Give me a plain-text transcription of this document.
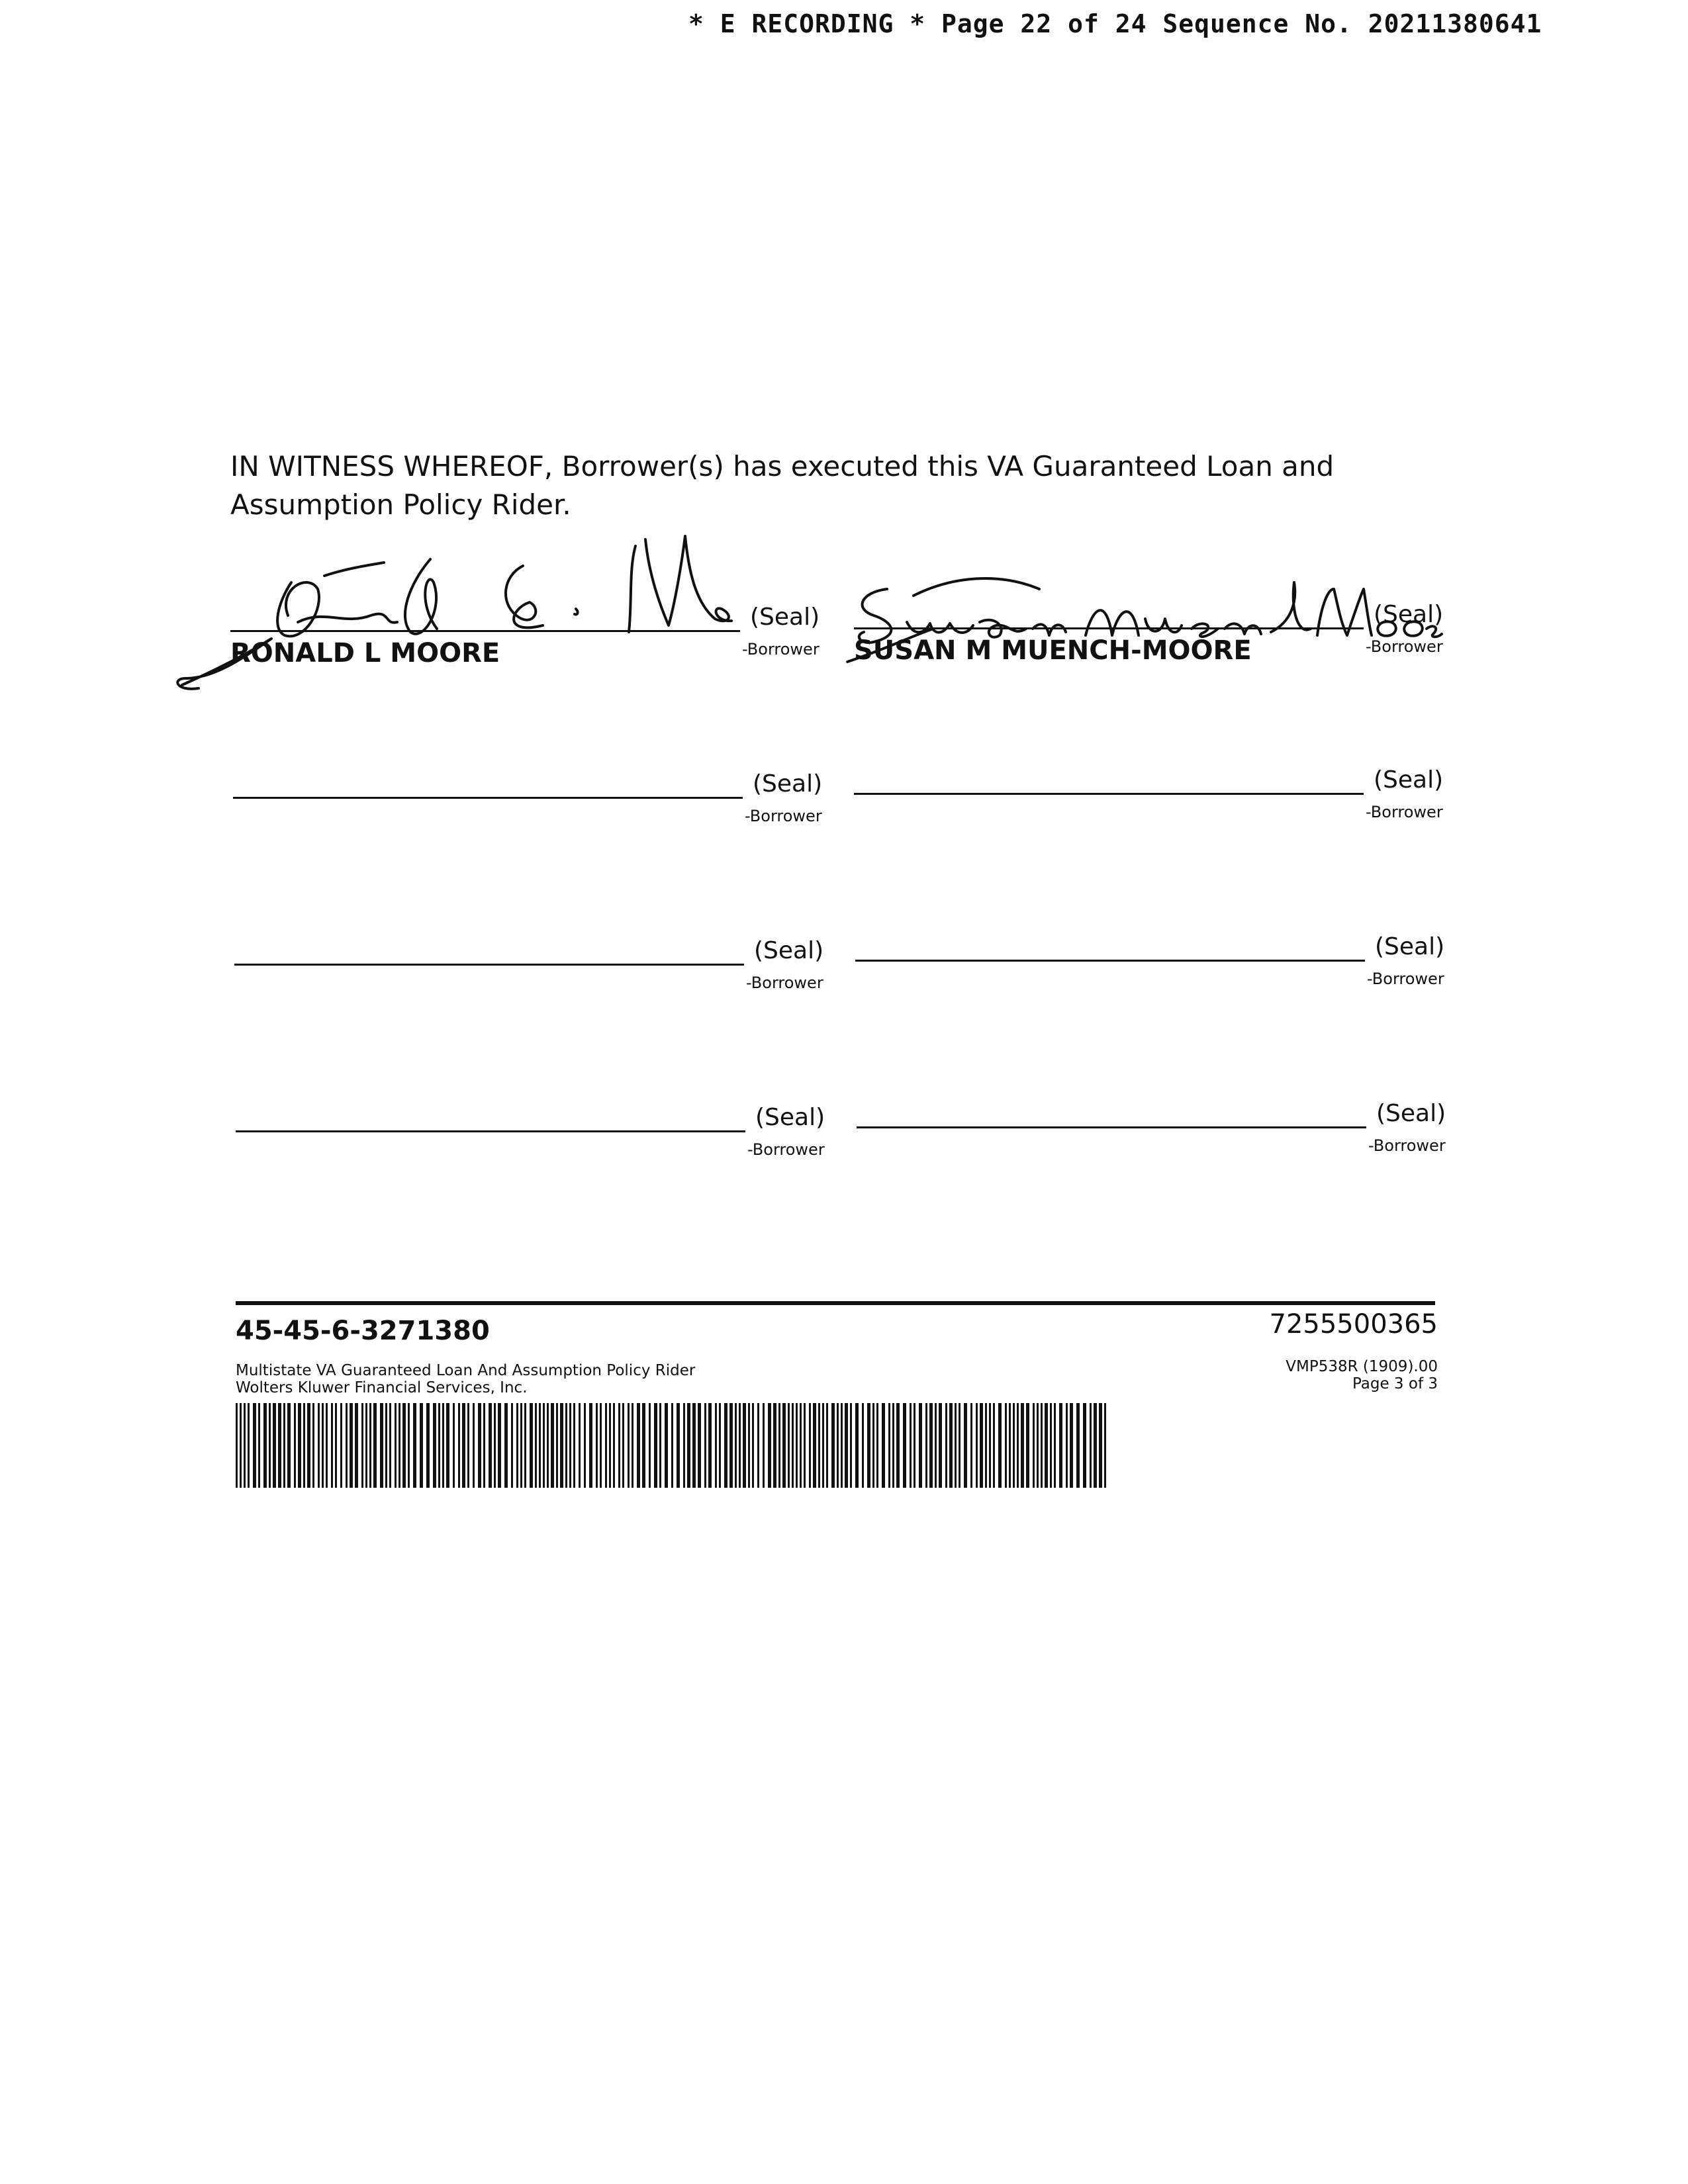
* E RECORDING * Page 22 of 24 Sequence No. 20211380641
IN WITNESS WHEREOF, Borrower(s) has executed this VA Guaranteed Loan and Assumption Policy Rider.
(Seal)
-Borrower
RONALD L MOORE
(Seal)
-Borrower
SUSAN M MUENCH-MOORE
(Seal)
-Borrower
(Seal)
-Borrower
(Seal)
-Borrower
(Seal)
-Borrower
(Seal)
-Borrower
(Seal)
-Borrower
45-45-6-3271380
Multistate VA Guaranteed Loan And Assumption Policy Rider
Wolters Kluwer Financial Services, Inc.
7255500365
VMP538R (1909).00
Page 3 of 3
